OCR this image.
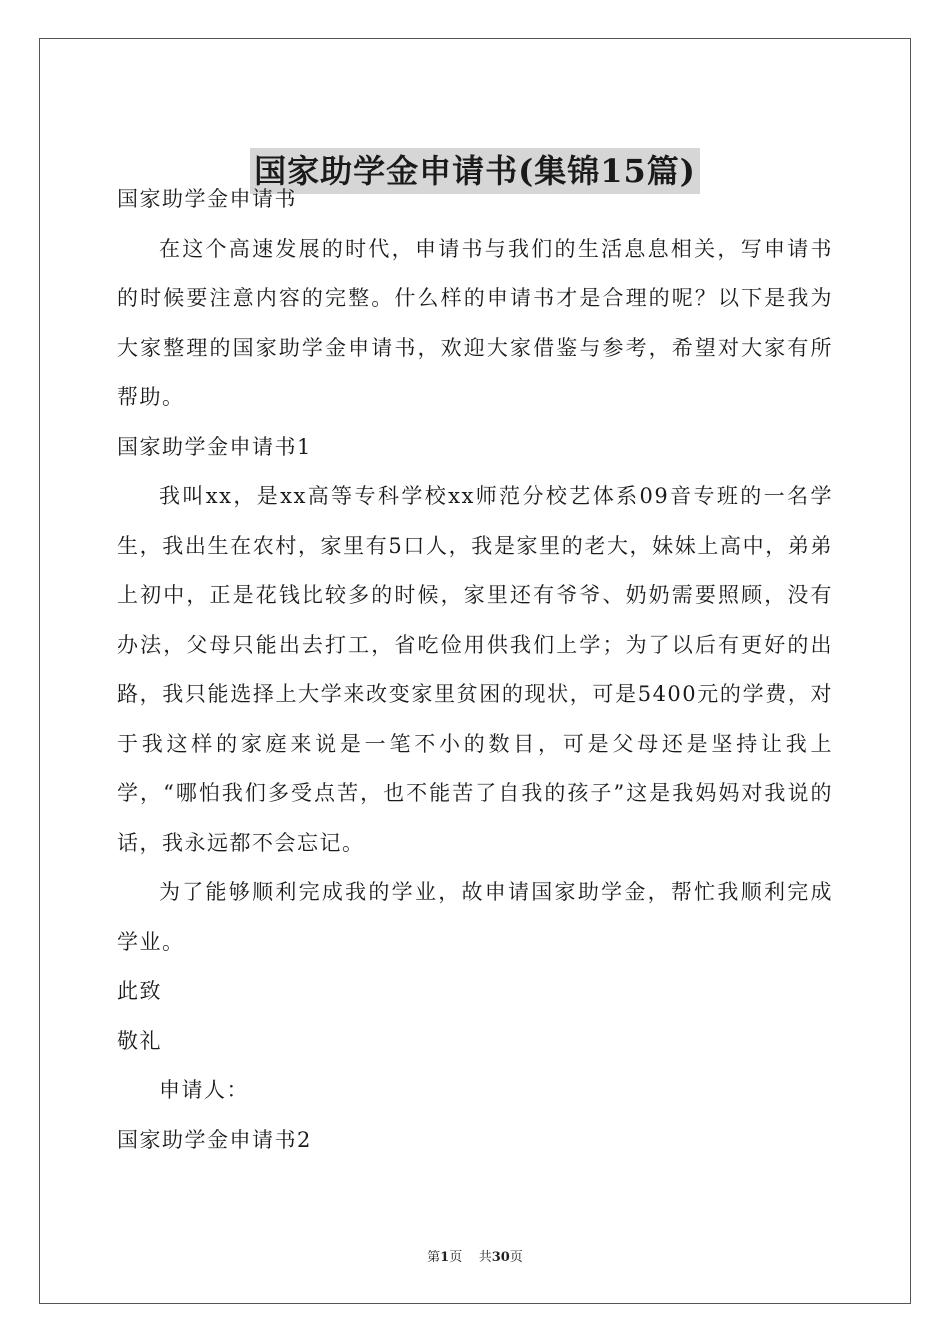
国家助学金申请书(集锦15篇)

国家助学金申请书

在这个高速发展的时代，申请书与我们的生活息息相关，写申请书的时候要注意内容的完整。什么样的申请书才是合理的呢？以下是我为大家整理的国家助学金申请书，欢迎大家借鉴与参考，希望对大家有所帮助。

国家助学金申请书1

我叫xx，是xx高等专科学校xx师范分校艺体系09音专班的一名学生，我出生在农村，家里有5口人，我是家里的老大，妹妹上高中，弟弟上初中，正是花钱比较多的时候，家里还有爷爷、奶奶需要照顾，没有办法，父母只能出去打工，省吃俭用供我们上学；为了以后有更好的出路，我只能选择上大学来改变家里贫困的现状，可是5400元的学费，对于我这样的家庭来说是一笔不小的数目，可是父母还是坚持让我上学，“哪怕我们多受点苦，也不能苦了自我的孩子”这是我妈妈对我说的话，我永远都不会忘记。

为了能够顺利完成我的学业，故申请国家助学金，帮忙我顺利完成学业。

此致

敬礼

申请人：

国家助学金申请书2

第1页 共30页
